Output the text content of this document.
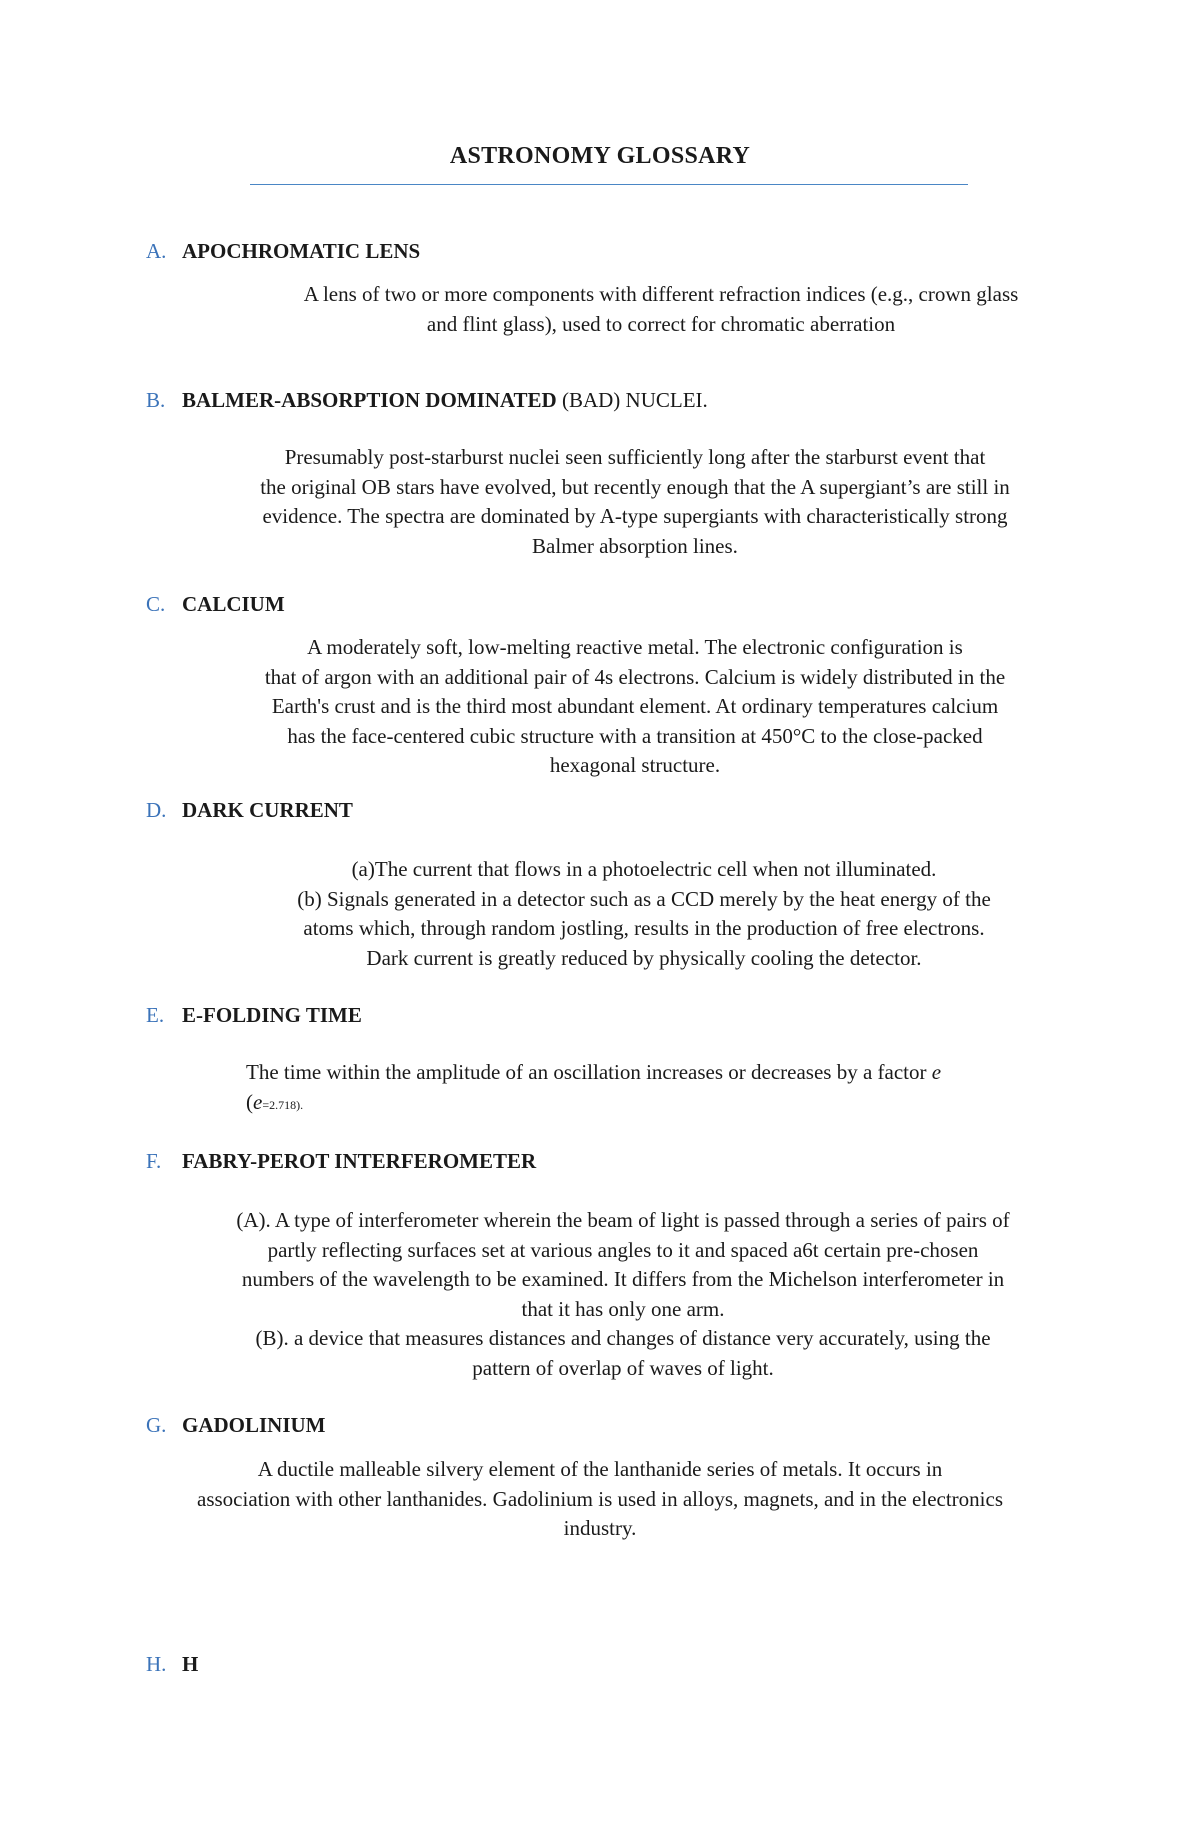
ASTRONOMY GLOSSARY
A. APOCHROMATIC LENS
A lens of two or more components with different refraction indices (e.g., crown glass
and flint glass), used to correct for chromatic aberration
B. BALMER-ABSORPTION DOMINATED (BAD) NUCLEI.
Presumably post-starburst nuclei seen sufficiently long after the starburst event that
the original OB stars have evolved, but recently enough that the A supergiant’s are still in
evidence. The spectra are dominated by A-type supergiants with characteristically strong
Balmer absorption lines.
C. CALCIUM
A moderately soft, low-melting reactive metal. The electronic configuration is
that of argon with an additional pair of 4s electrons. Calcium is widely distributed in the
Earth's crust and is the third most abundant element. At ordinary temperatures calcium
has the face-centered cubic structure with a transition at 450°C to the close-packed
hexagonal structure.
D. DARK CURRENT
(a)The current that flows in a photoelectric cell when not illuminated.
(b) Signals generated in a detector such as a CCD merely by the heat energy of the
atoms which, through random jostling, results in the production of free electrons.
Dark current is greatly reduced by physically cooling the detector.
E. E-FOLDING TIME
The time within the amplitude of an oscillation increases or decreases by a factor e
(e=2.718).
F. FABRY-PEROT INTERFEROMETER
(A). A type of interferometer wherein the beam of light is passed through a series of pairs of
partly reflecting surfaces set at various angles to it and spaced a6t certain pre-chosen
numbers of the wavelength to be examined. It differs from the Michelson interferometer in
that it has only one arm.
(B). a device that measures distances and changes of distance very accurately, using the
pattern of overlap of waves of light.
G. GADOLINIUM
A ductile malleable silvery element of the lanthanide series of metals. It occurs in
association with other lanthanides. Gadolinium is used in alloys, magnets, and in the electronics
industry.
H. H
